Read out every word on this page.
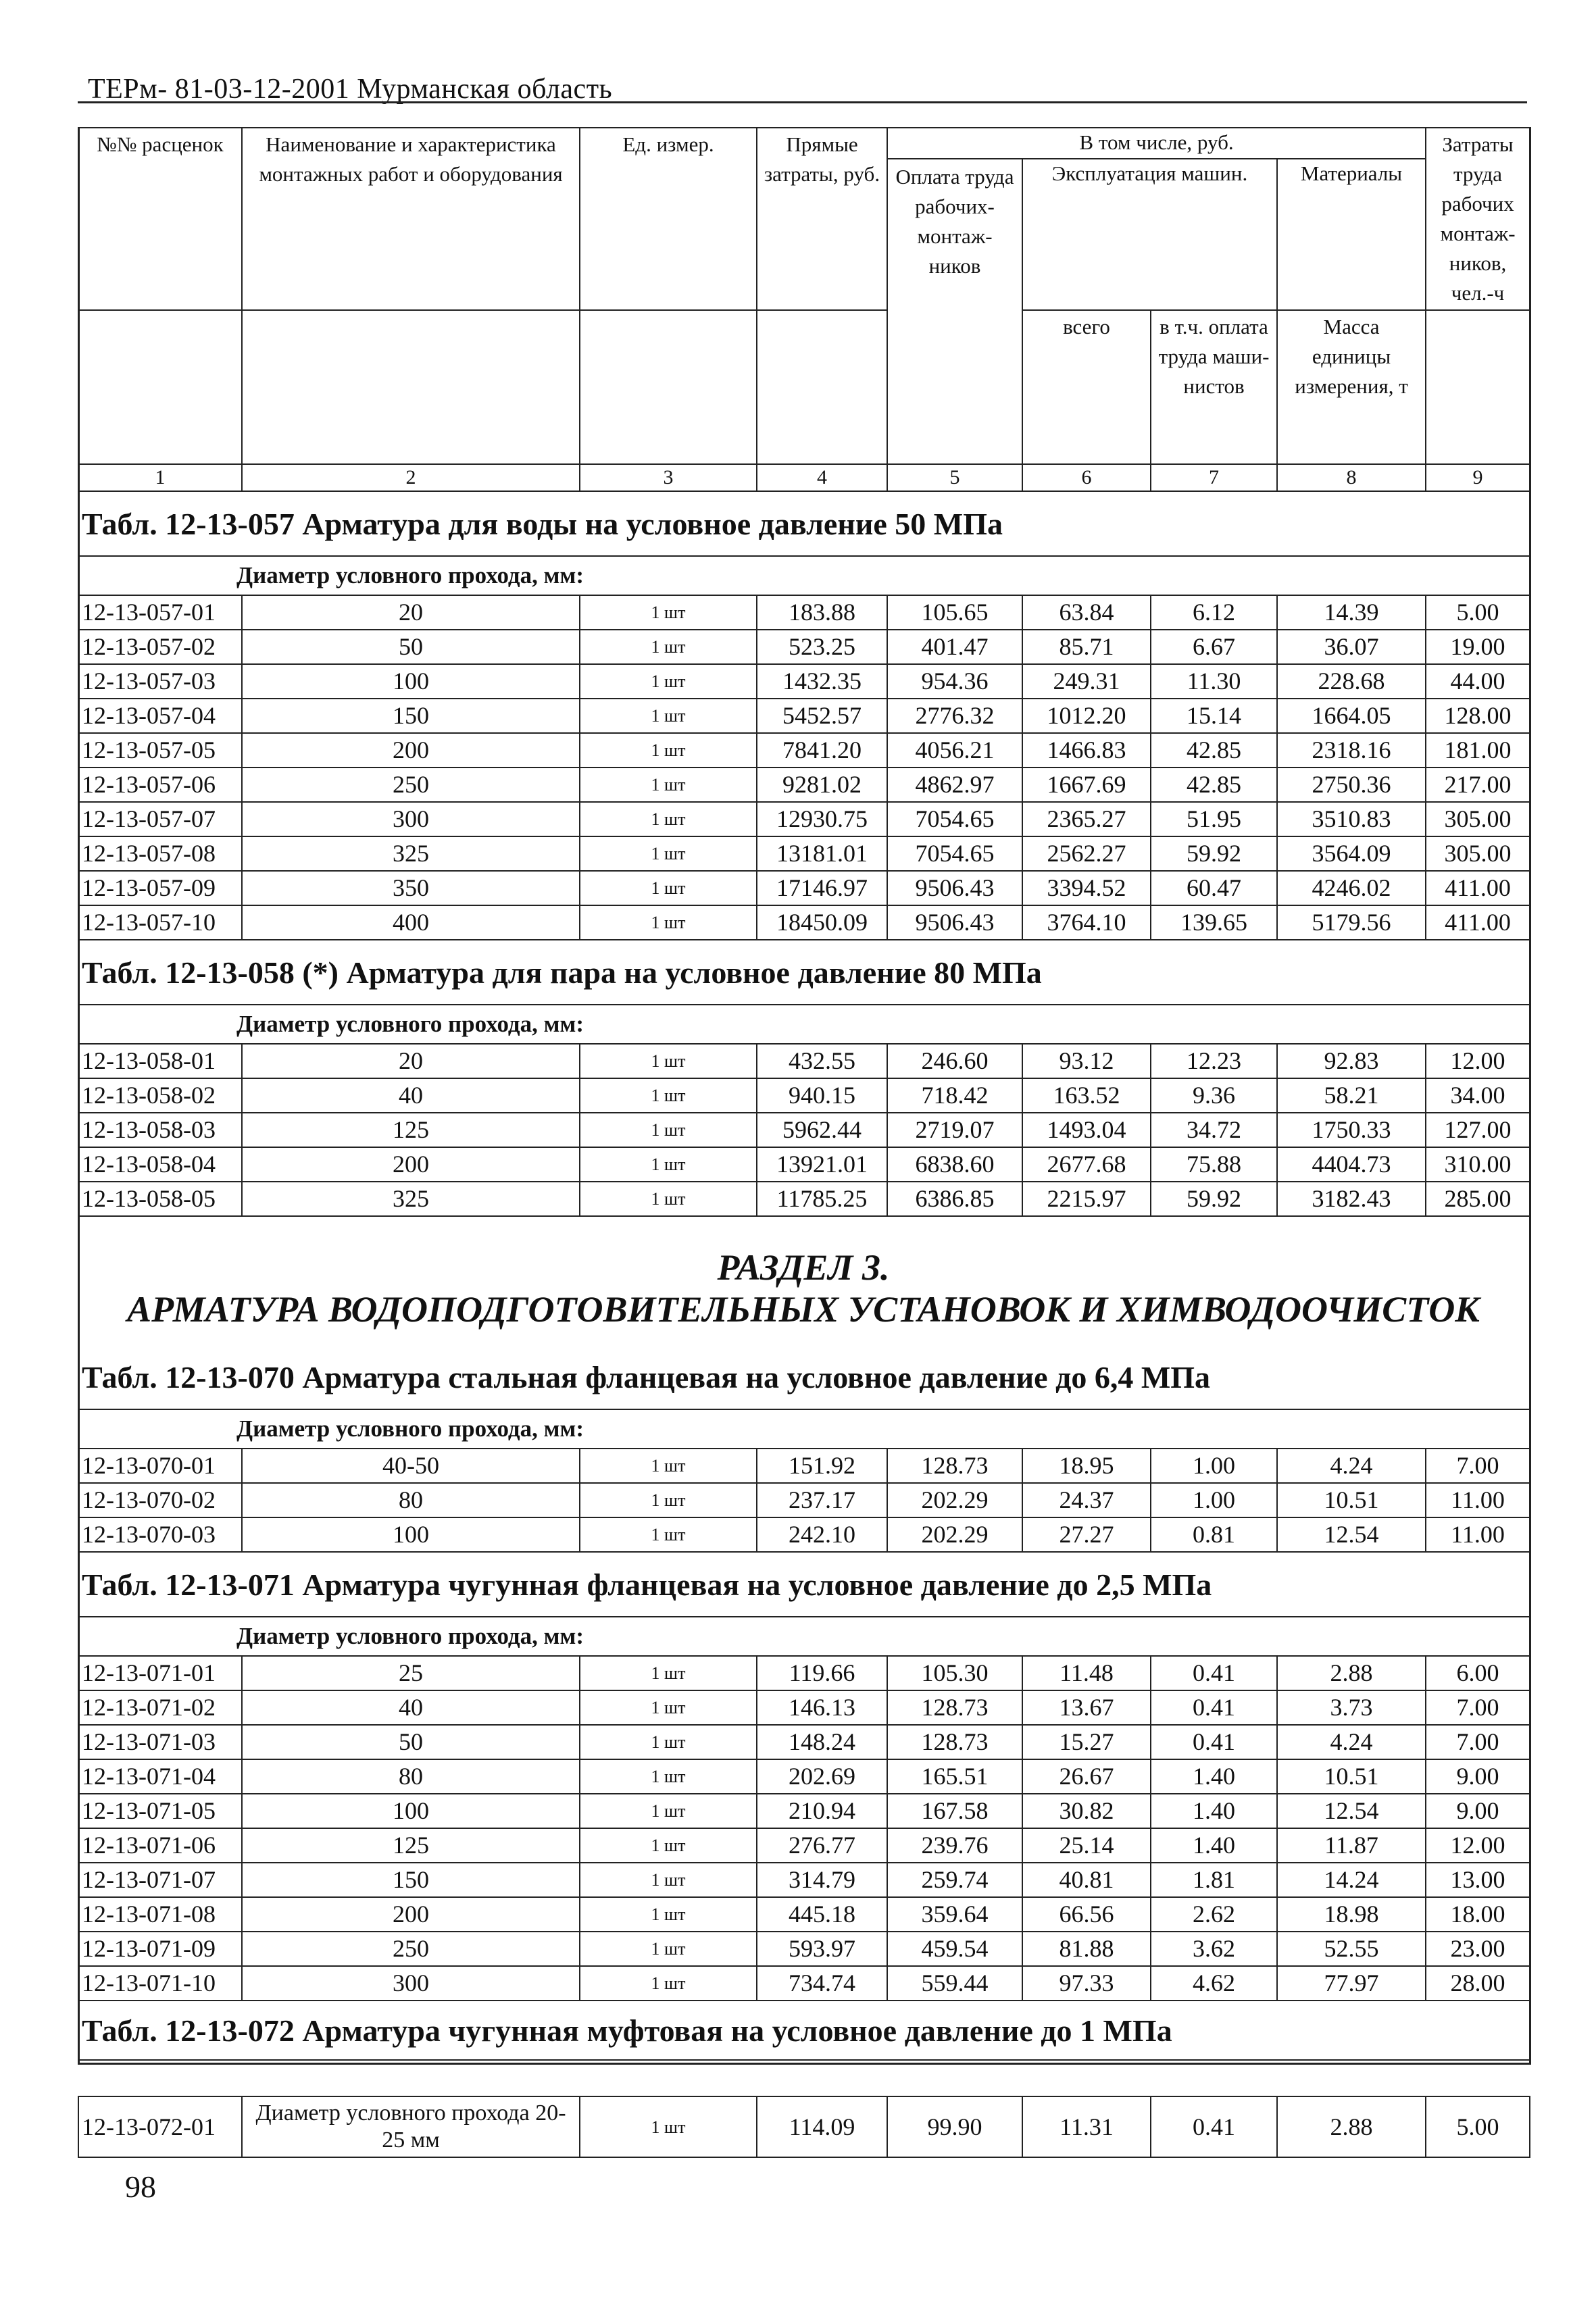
ТЕРм- 81-03-12-2001 Мурманская область
№№ расценок	Наименование и характеристика монтажных работ и оборудования	Ед. измер.	Прямые затраты, руб.	В том числе, руб.				Затраты труда рабочих монтаж-ников, чел.-ч
				Оплата труда рабочих-монтаж-ников	Эксплуатация машин.		Материалы	
					всего	в т.ч. оплата труда маши-нистов	Масса единицы измерения, т	
1	2	3	4	5	6	7	8	9
Табл. 12-13-057 Арматура для воды на условное давление 50 МПа
Диаметр условного прохода, мм:
12-13-057-01	20	1 шт	183.88	105.65	63.84	6.12	14.39	5.00
12-13-057-02	50	1 шт	523.25	401.47	85.71	6.67	36.07	19.00
12-13-057-03	100	1 шт	1432.35	954.36	249.31	11.30	228.68	44.00
12-13-057-04	150	1 шт	5452.57	2776.32	1012.20	15.14	1664.05	128.00
12-13-057-05	200	1 шт	7841.20	4056.21	1466.83	42.85	2318.16	181.00
12-13-057-06	250	1 шт	9281.02	4862.97	1667.69	42.85	2750.36	217.00
12-13-057-07	300	1 шт	12930.75	7054.65	2365.27	51.95	3510.83	305.00
12-13-057-08	325	1 шт	13181.01	7054.65	2562.27	59.92	3564.09	305.00
12-13-057-09	350	1 шт	17146.97	9506.43	3394.52	60.47	4246.02	411.00
12-13-057-10	400	1 шт	18450.09	9506.43	3764.10	139.65	5179.56	411.00
Табл. 12-13-058 (*) Арматура для пара на условное давление 80 МПа
Диаметр условного прохода, мм:
12-13-058-01	20	1 шт	432.55	246.60	93.12	12.23	92.83	12.00
12-13-058-02	40	1 шт	940.15	718.42	163.52	9.36	58.21	34.00
12-13-058-03	125	1 шт	5962.44	2719.07	1493.04	34.72	1750.33	127.00
12-13-058-04	200	1 шт	13921.01	6838.60	2677.68	75.88	4404.73	310.00
12-13-058-05	325	1 шт	11785.25	6386.85	2215.97	59.92	3182.43	285.00
РАЗДЕЛ 3.
АРМАТУРА ВОДОПОДГОТОВИТЕЛЬНЫХ УСТАНОВОК И ХИМВОДООЧИСТОК
Табл. 12-13-070 Арматура стальная фланцевая на условное давление до 6,4 МПа
Диаметр условного прохода, мм:
12-13-070-01	40-50	1 шт	151.92	128.73	18.95	1.00	4.24	7.00
12-13-070-02	80	1 шт	237.17	202.29	24.37	1.00	10.51	11.00
12-13-070-03	100	1 шт	242.10	202.29	27.27	0.81	12.54	11.00
Табл. 12-13-071 Арматура чугунная фланцевая на условное давление до 2,5 МПа
Диаметр условного прохода, мм:
12-13-071-01	25	1 шт	119.66	105.30	11.48	0.41	2.88	6.00
12-13-071-02	40	1 шт	146.13	128.73	13.67	0.41	3.73	7.00
12-13-071-03	50	1 шт	148.24	128.73	15.27	0.41	4.24	7.00
12-13-071-04	80	1 шт	202.69	165.51	26.67	1.40	10.51	9.00
12-13-071-05	100	1 шт	210.94	167.58	30.82	1.40	12.54	9.00
12-13-071-06	125	1 шт	276.77	239.76	25.14	1.40	11.87	12.00
12-13-071-07	150	1 шт	314.79	259.74	40.81	1.81	14.24	13.00
12-13-071-08	200	1 шт	445.18	359.64	66.56	2.62	18.98	18.00
12-13-071-09	250	1 шт	593.97	459.54	81.88	3.62	52.55	23.00
12-13-071-10	300	1 шт	734.74	559.44	97.33	4.62	77.97	28.00
Табл. 12-13-072 Арматура чугунная муфтовая на условное давление до 1 МПа

12-13-072-01	Диаметр условного прохода 20-25 мм	1 шт	114.09	99.90	11.31	0.41	2.88	5.00
98
